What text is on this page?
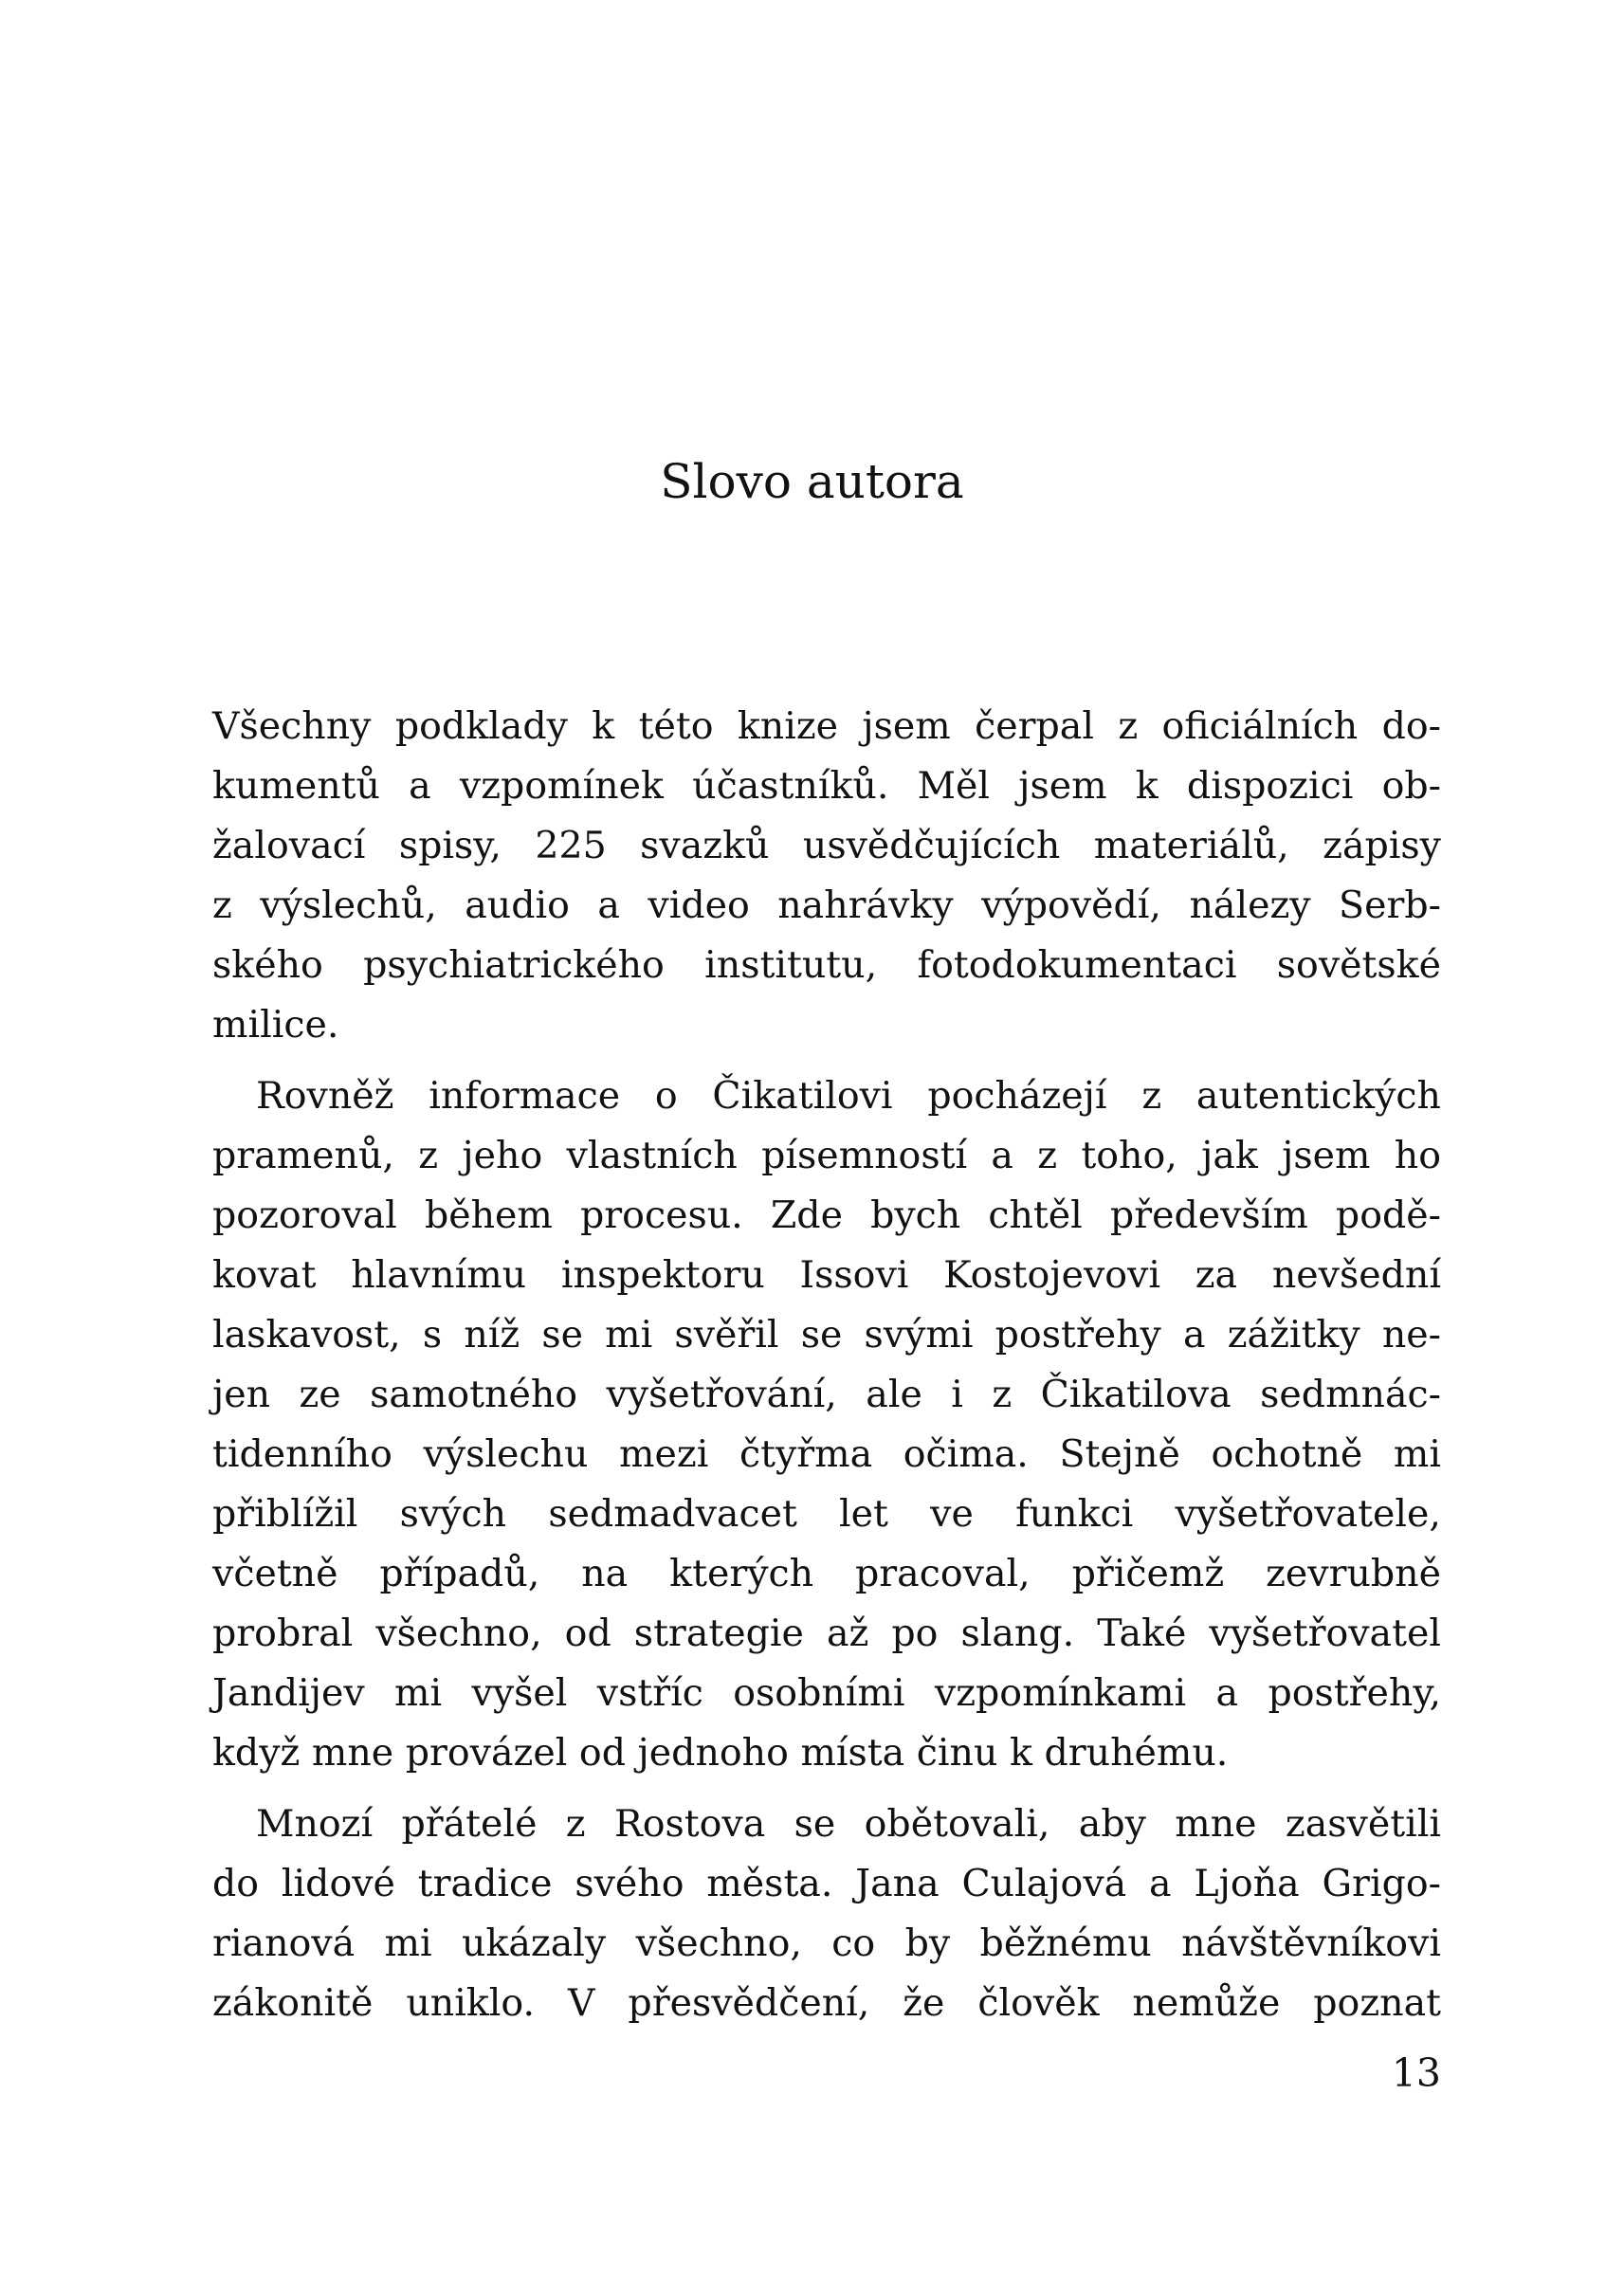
Slovo autora
Všechny podklady k této knize jsem čerpal z oficiálních do-
kumentů a vzpomínek účastníků. Měl jsem k dispozici ob-
žalovací spisy, 225 svazků usvědčujících materiálů, zápisy
z výslechů, audio a video nahrávky výpovědí, nálezy Serb-
ského psychiatrického institutu, fotodokumentaci sovětské
milice.
Rovněž informace o Čikatilovi pocházejí z autentických
pramenů, z jeho vlastních písemností a z toho, jak jsem ho
pozoroval během procesu. Zde bych chtěl především podě-
kovat hlavnímu inspektoru Issovi Kostojevovi za nevšední
laskavost, s níž se mi svěřil se svými postřehy a zážitky ne-
jen ze samotného vyšetřování, ale i z Čikatilova sedmnác-
tidenního výslechu mezi čtyřma očima. Stejně ochotně mi
přiblížil svých sedmadvacet let ve funkci vyšetřovatele,
včetně případů, na kterých pracoval, přičemž zevrubně
probral všechno, od strategie až po slang. Také vyšetřovatel
Jandijev mi vyšel vstříc osobními vzpomínkami a postřehy,
když mne provázel od jednoho místa činu k druhému.
Mnozí přátelé z Rostova se obětovali, aby mne zasvětili
do lidové tradice svého města. Jana Culajová a Ljoňa Grigo-
rianová mi ukázaly všechno, co by běžnému návštěvníkovi
zákonitě uniklo. V přesvědčení, že člověk nemůže poznat
13
